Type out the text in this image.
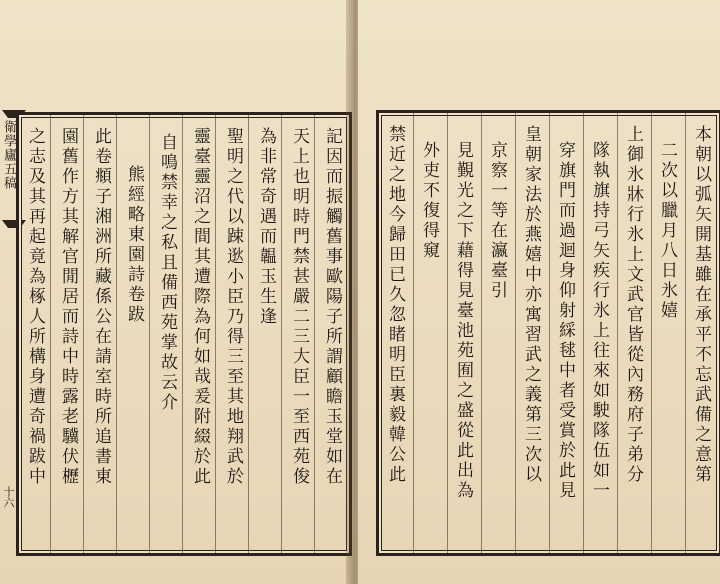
衛學廬五稿
十六
記因而振觸舊事歐陽子所謂顧瞻玉堂如在
天上也明時門禁甚嚴二三大臣一至西苑俊
為非常奇遇而韞玉生逢
聖明之代以踈逖小臣乃得三至其地翔武於
靈臺靈沼之間其遭際為何如哉爰附綴於此
自鳴禁幸之私且備西苑掌故云介
熊經略東園詩卷跋
此卷頫子湘洲所藏係公在請室時所追書東
園舊作方其解官閒居而詩中時露老驥伏櫪
之志及其再起竟為椓人所構身遭奇禍跋中	本朝以弧矢開基雖在承平不忘武備之意第
二次以臘月八日氷嬉
上御氷牀行氷上文武官皆從內務府子弟分
隊執旗持弓矢疾行氷上往來如駛隊伍如一
穿旗門而過迴身仰射綵毬中者受賞於此見
皇朝家法於燕嬉中亦寓習武之義第三次以
京察一等在瀛臺引
見覲光之下藉得見臺池苑囿之盛從此出為
外吏不復得窺
禁近之地今歸田已久忽睹明臣裏毅韓公此
